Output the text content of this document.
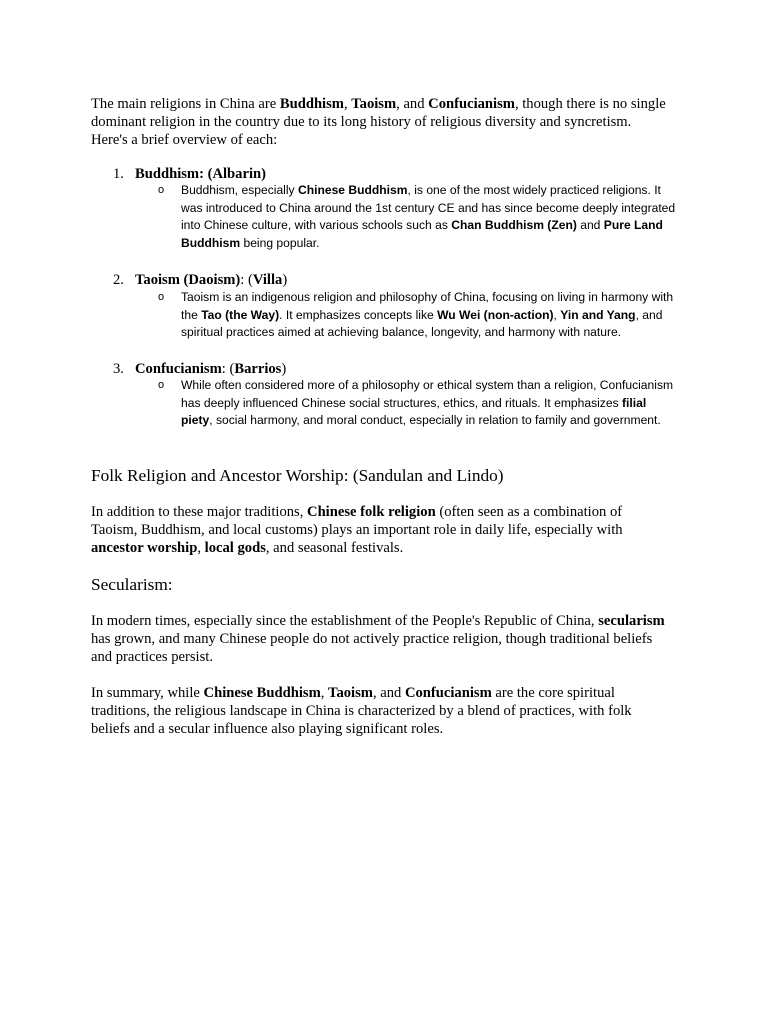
The main religions in China are Buddhism, Taoism, and Confucianism, though there is no single dominant religion in the country due to its long history of religious diversity and syncretism. Here's a brief overview of each:

1. Buddhism: (Albarin)

o Buddhism, especially Chinese Buddhism, is one of the most widely practiced religions. It was introduced to China around the 1st century CE and has since become deeply integrated into Chinese culture, with various schools such as Chan Buddhism (Zen) and Pure Land Buddhism being popular.

2. Taoism (Daoism): (Villa)

o Taoism is an indigenous religion and philosophy of China, focusing on living in harmony with the Tao (the Way). It emphasizes concepts like Wu Wei (non-action), Yin and Yang, and spiritual practices aimed at achieving balance, longevity, and harmony with nature.

3. Confucianism: (Barrios)

o While often considered more of a philosophy or ethical system than a religion, Confucianism has deeply influenced Chinese social structures, ethics, and rituals. It emphasizes filial piety, social harmony, and moral conduct, especially in relation to family and government.
Folk Religion and Ancestor Worship: (Sandulan and Lindo)

In addition to these major traditions, Chinese folk religion (often seen as a combination of Taoism, Buddhism, and local customs) plays an important role in daily life, especially with ancestor worship, local gods, and seasonal festivals.

Secularism:

In modern times, especially since the establishment of the People's Republic of China, secularism has grown, and many Chinese people do not actively practice religion, though traditional beliefs and practices persist.

In summary, while Chinese Buddhism, Taoism, and Confucianism are the core spiritual traditions, the religious landscape in China is characterized by a blend of practices, with folk beliefs and a secular influence also playing significant roles.
